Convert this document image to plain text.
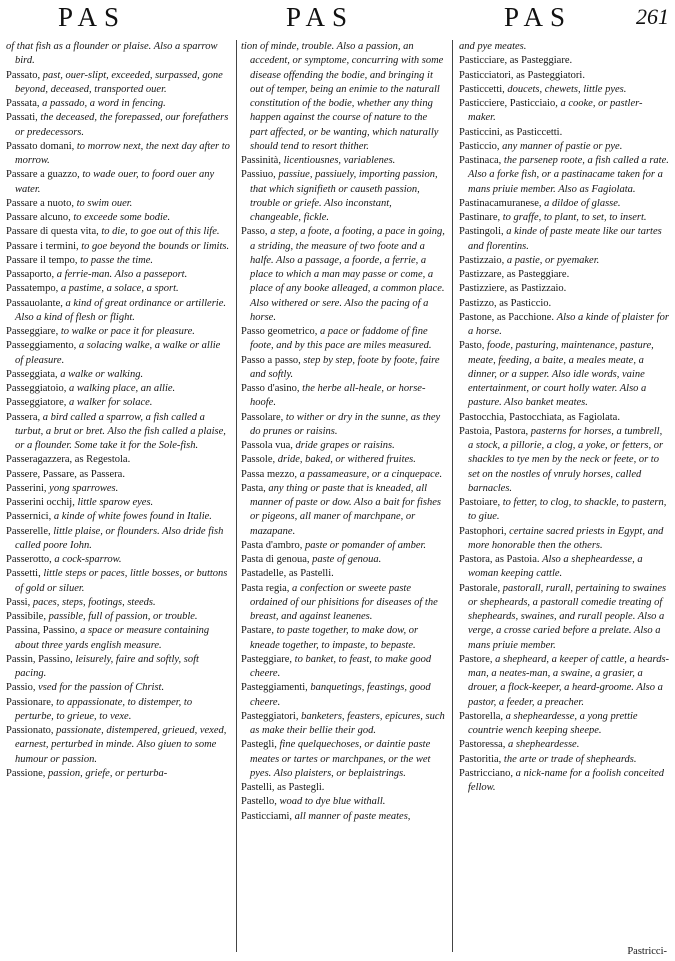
PAS	PAS	PAS	261

of that fish as a flounder or plaise. Also a sparrow bird.

Passato, past, ouer-slipt, exceeded, surpassed, gone beyond, deceased, transported ouer.

Passata, a passado, a word in fencing.

Passati, the deceased, the forepassed, our forefathers or predecessors.

Passato domani, to morrow next, the next day after to morrow.

Passare a guazzo, to wade ouer, to foord ouer any water.

Passare a nuoto, to swim ouer.

Passare alcuno, to exceede some bodie.

Passare di questa vita, to die, to goe out of this life.

Passare i termini, to goe beyond the bounds or limits.

Passare il tempo, to passe the time.

Passaporto, a ferrie-man. Also a passeport.

Passatempo, a pastime, a solace, a sport.

Passauolante, a kind of great ordinance or artillerie. Also a kind of flesh or flight.

Passeggiare, to walke or pace it for pleasure.

Passeggiamento, a solacing walke, a walke or allie of pleasure.

Passeggiata, a walke or walking.

Passeggiatoio, a walking place, an allie.

Passeggiatore, a walker for solace.

Passera, a bird called a sparrow, a fish called a turbut, a brut or bret. Also the fish called a plaise, or a flounder. Some take it for the Sole-fish.

Passeragazzera, as Regestola.

Passere, Passare, as Passera.

Passerini, yong sparrowes.

Passerini occhij, little sparow eyes.

Passernici, a kinde of white fowes found in Italie.

Passerelle, little plaise, or flounders. Also dride fish called poore Iohn.

Passerotto, a cock-sparrow.

Passetti, little steps or paces, little bosses, or buttons of gold or siluer.

Passi, paces, steps, footings, steeds.

Passibile, passible, full of passion, or trouble.

Passina, Passino, a space or measure containing about three yards english measure.

Passin, Passino, leisurely, faire and softly, soft pacing.

Passio, vsed for the passion of Christ.

Passionare, to appassionate, to distemper, to perturbe, to grieue, to vexe.

Passionato, passionate, distempered, grieued, vexed, earnest, perturbed in minde. Also giuen to some humour or passion.

Passione, passion, griefe, or perturba-

tion of minde, trouble. Also a passion, an accedent, or symptome, concurring with some disease offending the bodie, and bringing it out of temper, being an enimie to the naturall constitution of the bodie, whether any thing happen against the course of nature to the part affected, or be wanting, which naturally should tend to resort thither.

Passinità, licentiousnes, variablenes.

Passiuo, passiue, passiuely, importing passion, that which signifieth or causeth passion, trouble or griefe. Also inconstant, changeable, fickle.

Passo, a step, a foote, a footing, a pace in going, a striding, the measure of two foote and a halfe. Also a passage, a foorde, a ferrie, a place to which a man may passe or come, a place of any booke alleaged, a common place. Also withered or sere. Also the pacing of a horse.

Passo geometrico, a pace or faddome of fine foote, and by this pace are miles measured.

Passo a passo, step by step, foote by foote, faire and softly.

Passo d'asino, the herbe all-heale, or horse-hoofe.

Passolare, to wither or dry in the sunne, as they do prunes or raisins.

Passola vua, dride grapes or raisins.

Passole, dride, baked, or withered fruites.

Passa mezzo, a passameasure, or a cinquepace.

Pasta, any thing or paste that is kneaded, all manner of paste or dow. Also a bait for fishes or pigeons, all maner of marchpane, or mazapane.

Pasta d'ambro, paste or pomander of amber.

Pasta di genoua, paste of genoua.

Pastadelle, as Pastelli.

Pasta regia, a confection or sweete paste ordained of our phisitions for diseases of the breast, and against leanenes.

Pastare, to paste together, to make dow, or kneade together, to impaste, to bepaste.

Pasteggiare, to banket, to feast, to make good cheere.

Pasteggiamenti, banquetings, feastings, good cheere.

Pasteggiatori, banketers, feasters, epicures, such as make their bellie their god.

Pastegli, fine quelquechoses, or daintie paste meates or tartes or marchpanes, or the wet pyes. Also plaisters, or beplaistrings.

Pastelli, as Pastegli.

Pastello, woad to dye blue withall.

Pasticciami, all manner of paste meates,

and pye meates.

Pasticciare, as Pasteggiare.

Pasticciatori, as Pasteggiatori.

Pasticcetti, doucets, chewets, little pyes.

Pasticciere, Pasticciaio, a cooke, or pastler-maker.

Pasticcini, as Pasticcetti.

Pasticcio, any manner of pastie or pye.

Pastinaca, the parsenep roote, a fish called a rate. Also a forke fish, or a pastinacame taken for a mans priuie member. Also as Fagiolata.

Pastinacamuranese, a dildoe of glasse.

Pastinare, to graffe, to plant, to set, to insert.

Pastingoli, a kinde of paste meate like our tartes and florentins.

Pastizzaio, a pastie, or pyemaker.

Pastizzare, as Pasteggiare.

Pastizziere, as Pastizzaio.

Pastizzo, as Pasticcio.

Pastone, as Pacchione. Also a kinde of plaister for a horse.

Pasto, foode, pasturing, maintenance, pasture, meate, feeding, a baite, a meales meate, a dinner, or a supper. Also idle words, vaine entertainment, or court holly water. Also a pasture. Also banket meates.

Pastocchia, Pastocchiata, as Fagiolata.

Pastoia, Pastora, pasterns for horses, a tumbrell, a stock, a pillorie, a clog, a yoke, or fetters, or shackles to tye men by the neck or feete, or to set on the nostles of vnruly horses, called barnacles.

Pastoiare, to fetter, to clog, to shackle, to pastern, to giue.

Pastophori, certaine sacred priests in Egypt, and more honorable then the others.

Pastora, as Pastoia. Also a shepheardesse, a woman keeping cattle.

Pastorale, pastorall, rurall, pertaining to swaines or shepheards, a pastorall comedie treating of shepheards, swaines, and rurall people. Also a verge, a crosse caried before a prelate. Also a mans priuie member.

Pastore, a shepheard, a keeper of cattle, a heards-man, a neates-man, a swaine, a grasier, a drouer, a flock-keeper, a heard-groome. Also a pastor, a feeder, a preacher.

Pastorella, a shepheardesse, a yong prettie countrie wench keeping sheepe.

Pastoressa, a shepheardesse.

Pastoritia, the arte or trade of shepheards.

Pastricciano, a nick-name for a foolish conceited fellow.

Pastricci-
